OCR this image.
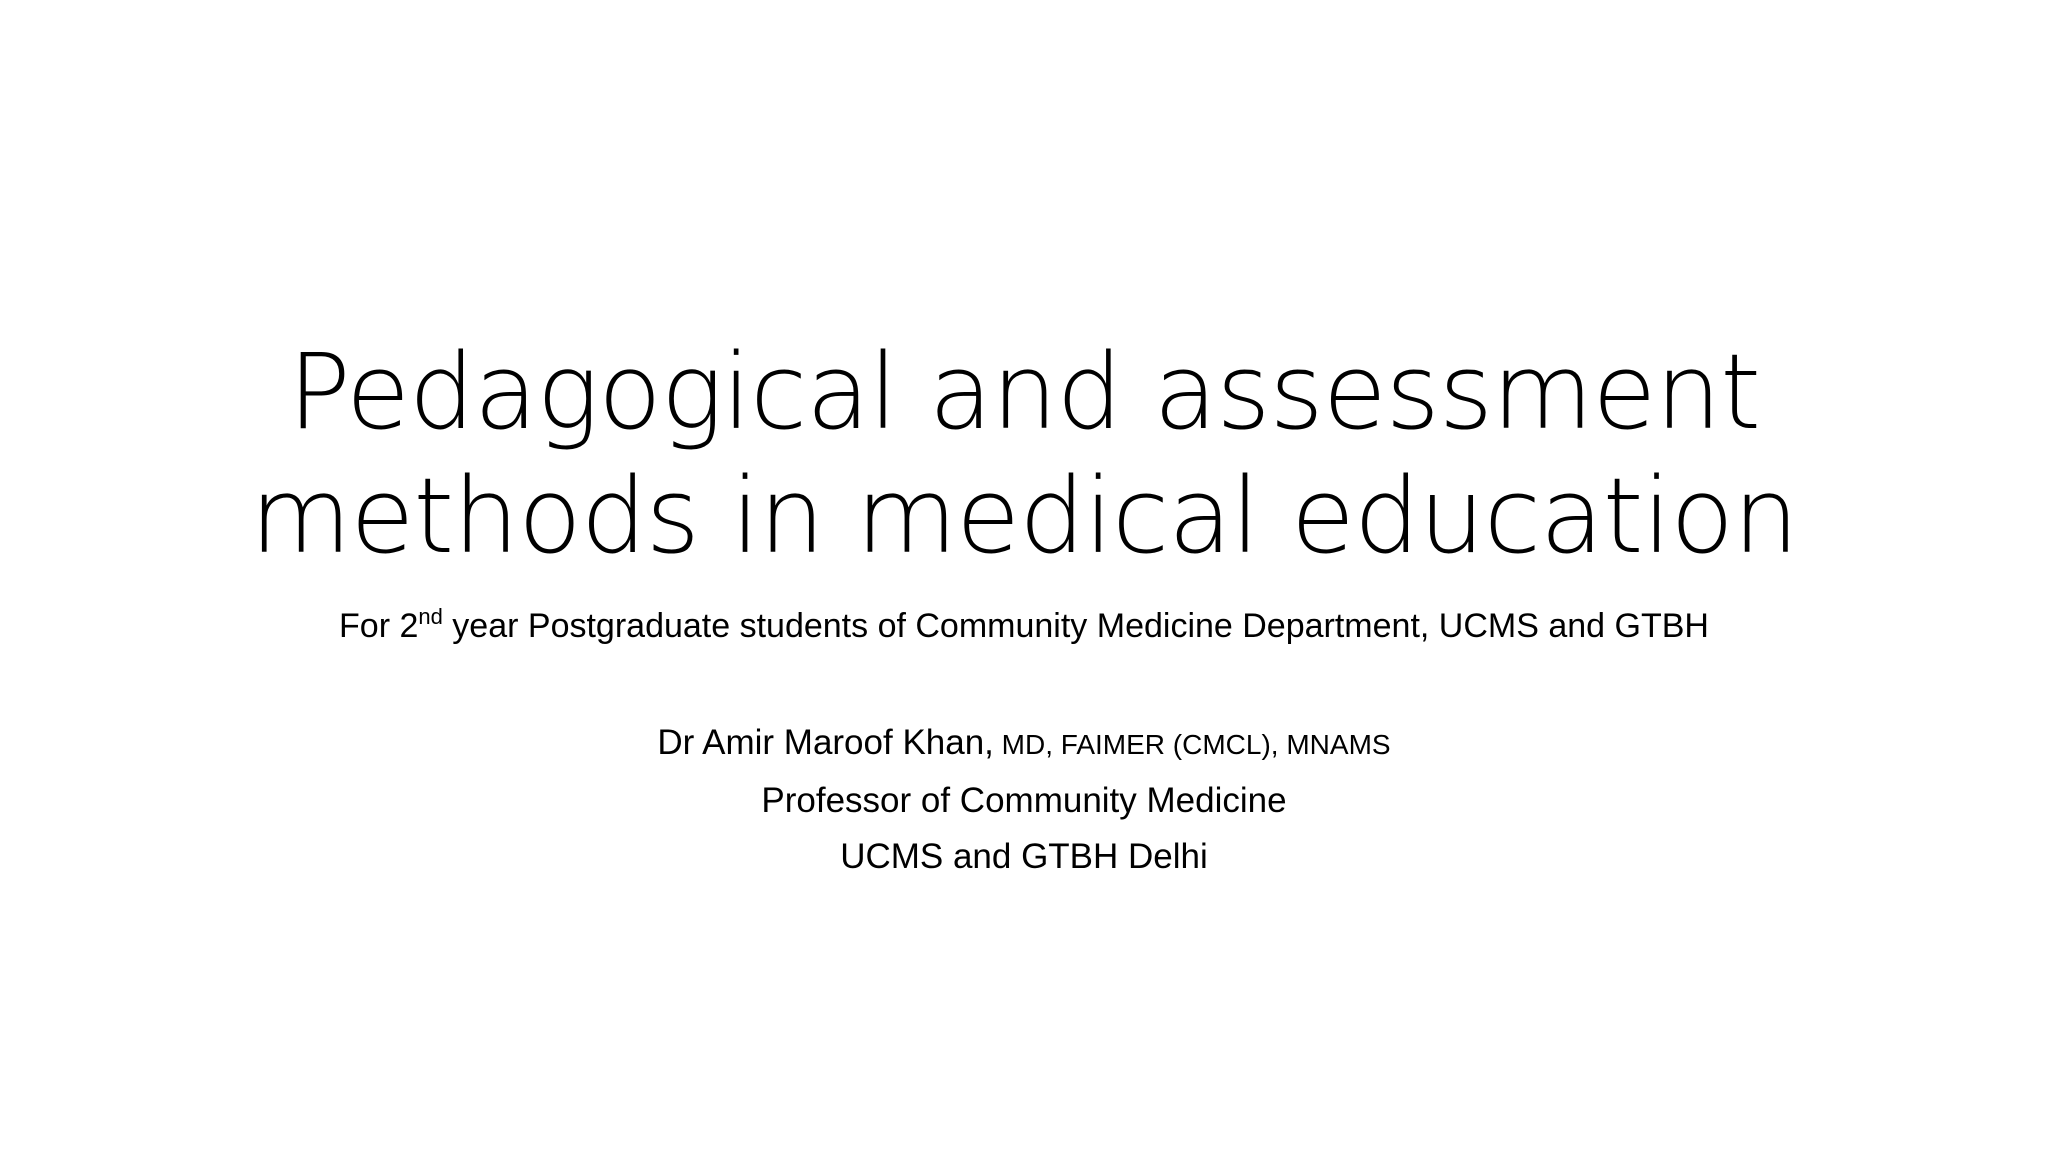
Pedagogical and assessment
methods in medical education
For 2nd year Postgraduate students of Community Medicine Department, UCMS and GTBH
Dr Amir Maroof Khan, MD, FAIMER (CMCL), MNAMS
Professor of Community Medicine
UCMS and GTBH Delhi
